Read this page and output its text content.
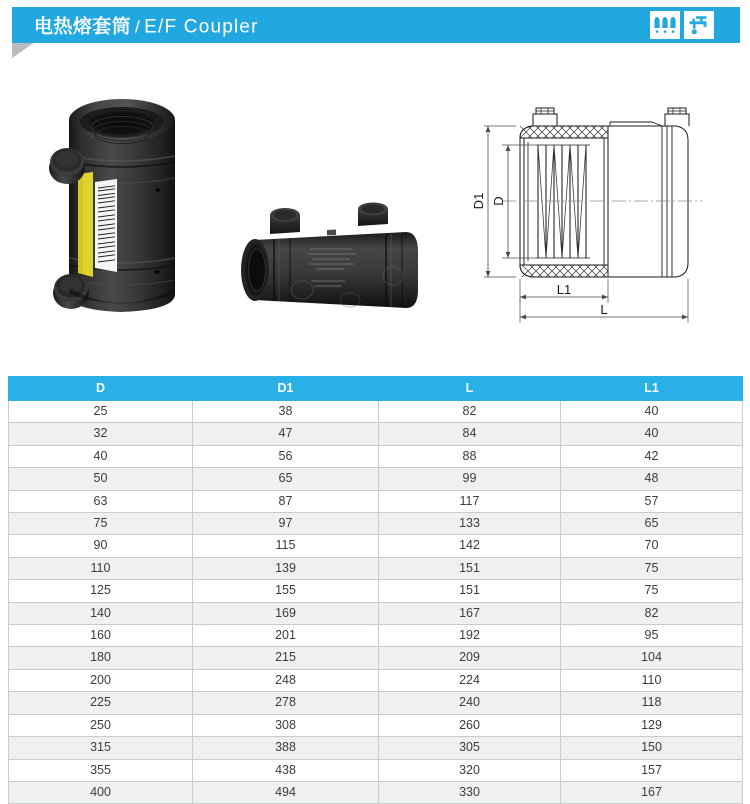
电热熔套筒 / E/F Coupler
D1 D
L1
L
D	D1	L	L1
25	38	82	40
32	47	84	40
40	56	88	42
50	65	99	48
63	87	117	57
75	97	133	65
90	115	142	70
110	139	151	75
125	155	151	75
140	169	167	82
160	201	192	95
180	215	209	104
200	248	224	110
225	278	240	118
250	308	260	129
315	388	305	150
355	438	320	157
400	494	330	167
